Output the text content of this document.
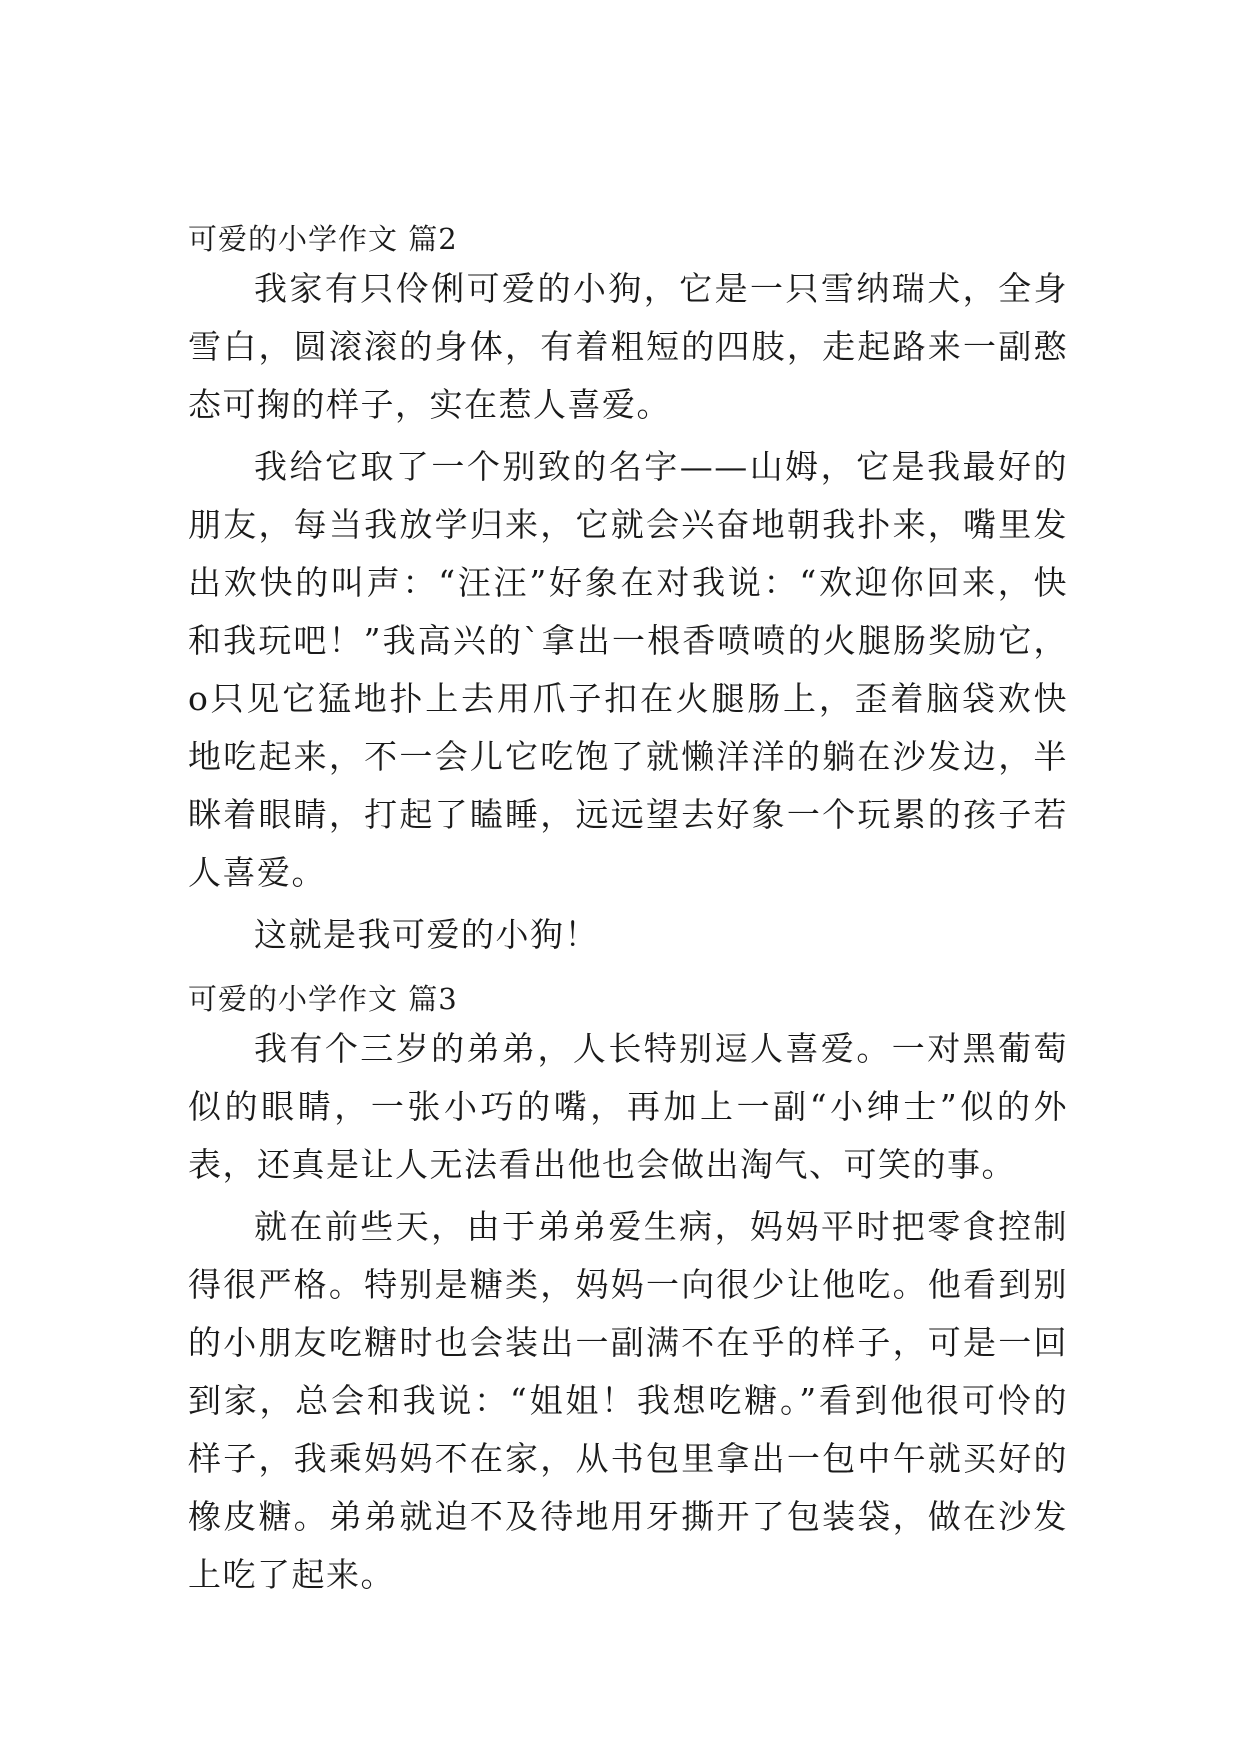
可爱的小学作文 篇2

我家有只伶俐可爱的小狗，它是一只雪纳瑞犬，全身雪白，圆滚滚的身体，有着粗短的四肢，走起路来一副憨态可掬的样子，实在惹人喜爱。

我给它取了一个别致的名字——山姆，它是我最好的朋友，每当我放学归来，它就会兴奋地朝我扑来，嘴里发出欢快的叫声：“汪汪”好象在对我说：“欢迎你回来，快和我玩吧！”我高兴的`拿出一根香喷喷的火腿肠奖励它，o只见它猛地扑上去用爪子扣在火腿肠上，歪着脑袋欢快地吃起来，不一会儿它吃饱了就懒洋洋的躺在沙发边，半眯着眼睛，打起了瞌睡，远远望去好象一个玩累的孩子若人喜爱。

这就是我可爱的小狗！

可爱的小学作文 篇3

我有个三岁的弟弟，人长特别逗人喜爱。一对黑葡萄似的眼睛，一张小巧的嘴，再加上一副“小绅士”似的外表，还真是让人无法看出他也会做出淘气、可笑的事。

就在前些天，由于弟弟爱生病，妈妈平时把零食控制得很严格。特别是糖类，妈妈一向很少让他吃。他看到别的小朋友吃糖时也会装出一副满不在乎的样子，可是一回到家，总会和我说：“姐姐！我想吃糖。”看到他很可怜的样子，我乘妈妈不在家，从书包里拿出一包中午就买好的橡皮糖。弟弟就迫不及待地用牙撕开了包装袋，做在沙发上吃了起来。
